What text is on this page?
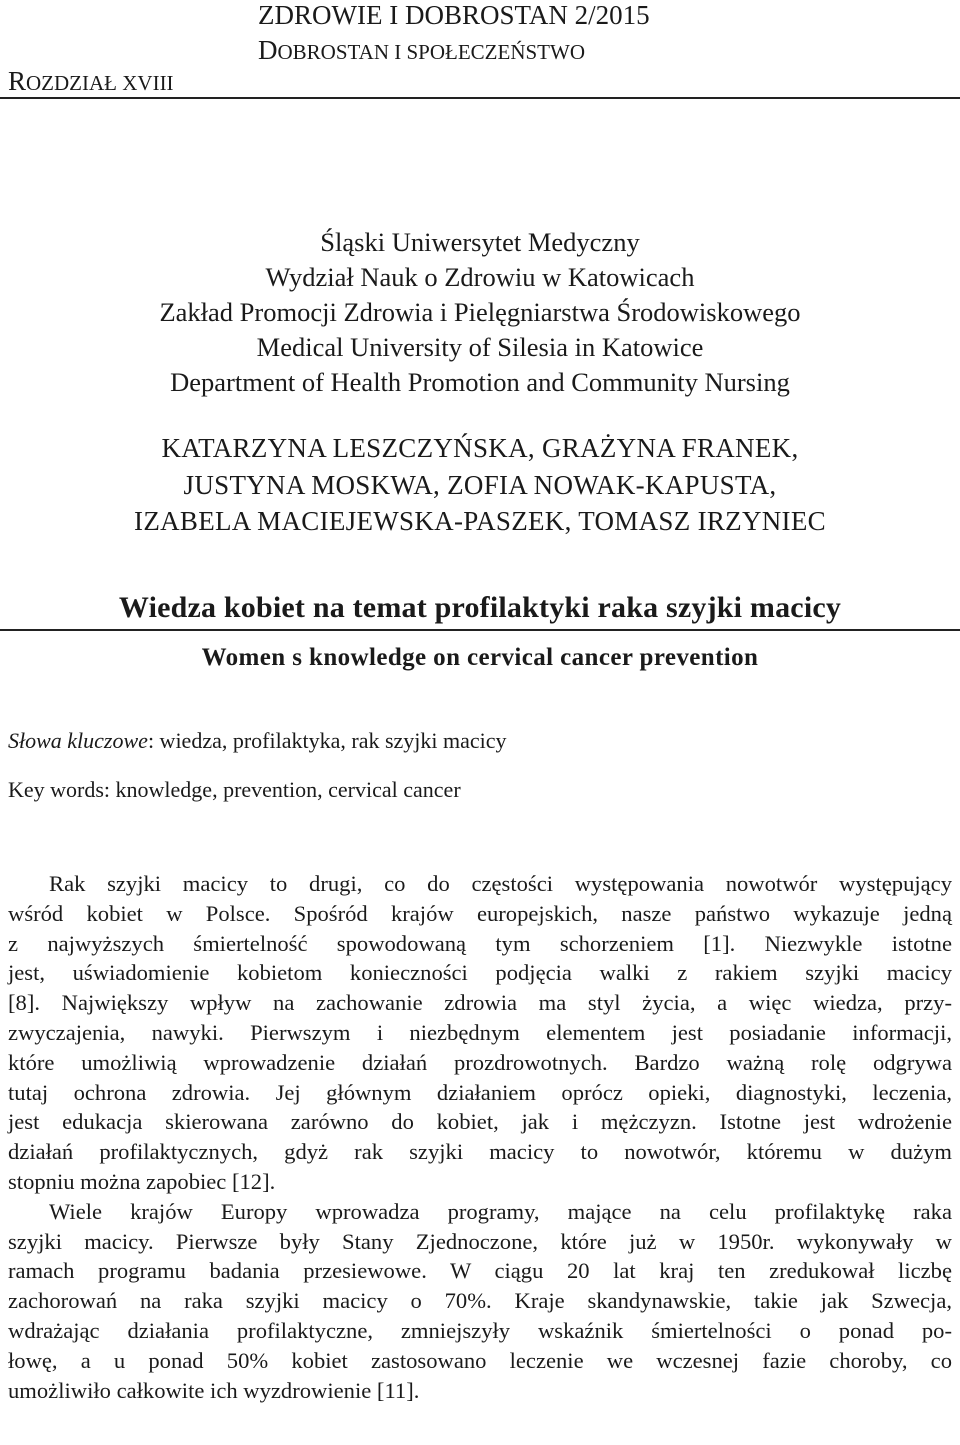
ZDROWIE I DOBROSTAN 2/2015
DOBROSTAN I SPOŁECZEŃSTWO
ROZDZIAŁ XVIII
Śląski Uniwersytet Medyczny
Wydział Nauk o Zdrowiu w Katowicach
Zakład Promocji Zdrowia i Pielęgniarstwa Środowiskowego
Medical University of Silesia in Katowice
Department of Health Promotion and Community Nursing
KATARZYNA LESZCZYŃSKA, GRAŻYNA FRANEK,
JUSTYNA MOSKWA, ZOFIA NOWAK-KAPUSTA,
IZABELA MACIEJEWSKA-PASZEK, TOMASZ IRZYNIEC
Wiedza kobiet na temat profilaktyki raka szyjki macicy
Women s knowledge on cervical cancer prevention
Słowa kluczowe: wiedza, profilaktyka, rak szyjki macicy
Key words: knowledge, prevention, cervical cancer
Rak szyjki macicy to drugi, co do częstości występowania nowotwór występujący
wśród kobiet w Polsce. Spośród krajów europejskich, nasze państwo wykazuje jedną
z najwyższych śmiertelność spowodowaną tym schorzeniem [1]. Niezwykle istotne
jest, uświadomienie kobietom konieczności podjęcia walki z rakiem szyjki macicy
[8]. Największy wpływ na zachowanie zdrowia ma styl życia, a więc wiedza, przy-
zwyczajenia, nawyki. Pierwszym i niezbędnym elementem jest posiadanie informacji,
które umożliwią wprowadzenie działań prozdrowotnych. Bardzo ważną rolę odgrywa
tutaj ochrona zdrowia. Jej głównym działaniem oprócz opieki, diagnostyki, leczenia,
jest edukacja skierowana zarówno do kobiet, jak i mężczyzn. Istotne jest wdrożenie
działań profilaktycznych, gdyż rak szyjki macicy to nowotwór, któremu w dużym
stopniu można zapobiec [12].
Wiele krajów Europy wprowadza programy, mające na celu profilaktykę raka
szyjki macicy. Pierwsze były Stany Zjednoczone, które już w 1950r. wykonywały w
ramach programu badania przesiewowe. W ciągu 20 lat kraj ten zredukował liczbę
zachorowań na raka szyjki macicy o 70%. Kraje skandynawskie, takie jak Szwecja,
wdrażając działania profilaktyczne, zmniejszyły wskaźnik śmiertelności o ponad po-
łowę, a u ponad 50% kobiet zastosowano leczenie we wczesnej fazie choroby, co
umożliwiło całkowite ich wyzdrowienie [11].
